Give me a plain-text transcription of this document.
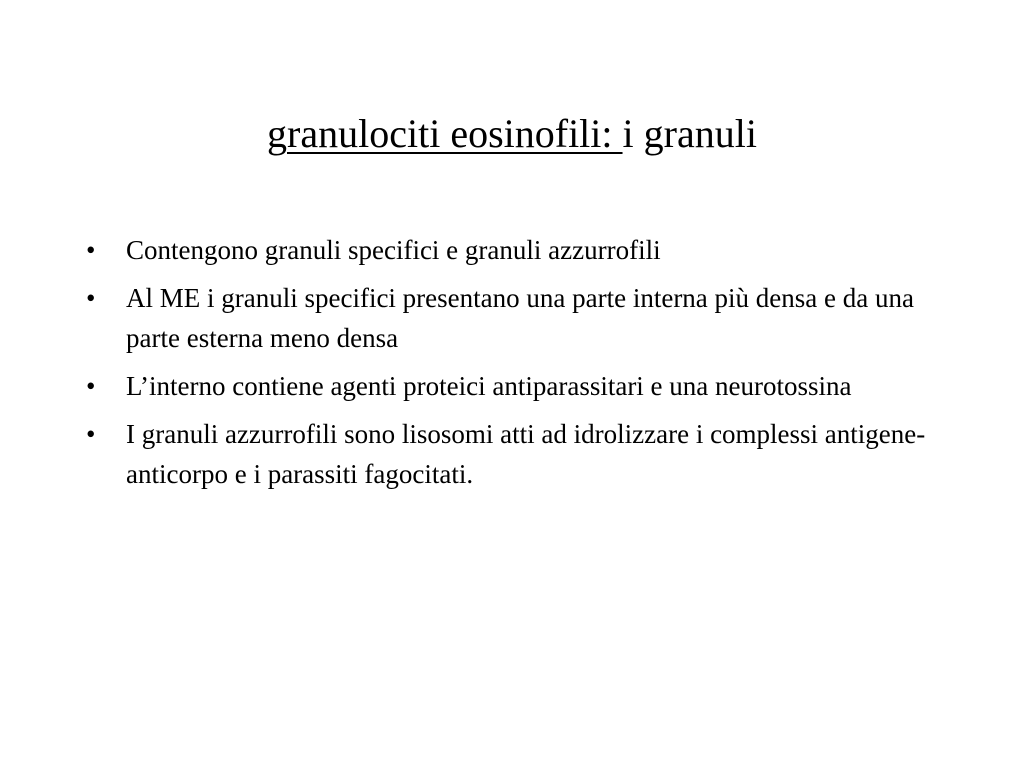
granulociti eosinofili: i granuli
• Contengono granuli specifici e granuli azzurrofili
• Al ME i granuli specifici presentano una parte interna più densa e da una parte esterna meno densa
• L’interno contiene agenti proteici antiparassitari e una neurotossina
• I granuli azzurrofili sono lisosomi atti ad idrolizzare i complessi antigene-anticorpo e i parassiti fagocitati.
